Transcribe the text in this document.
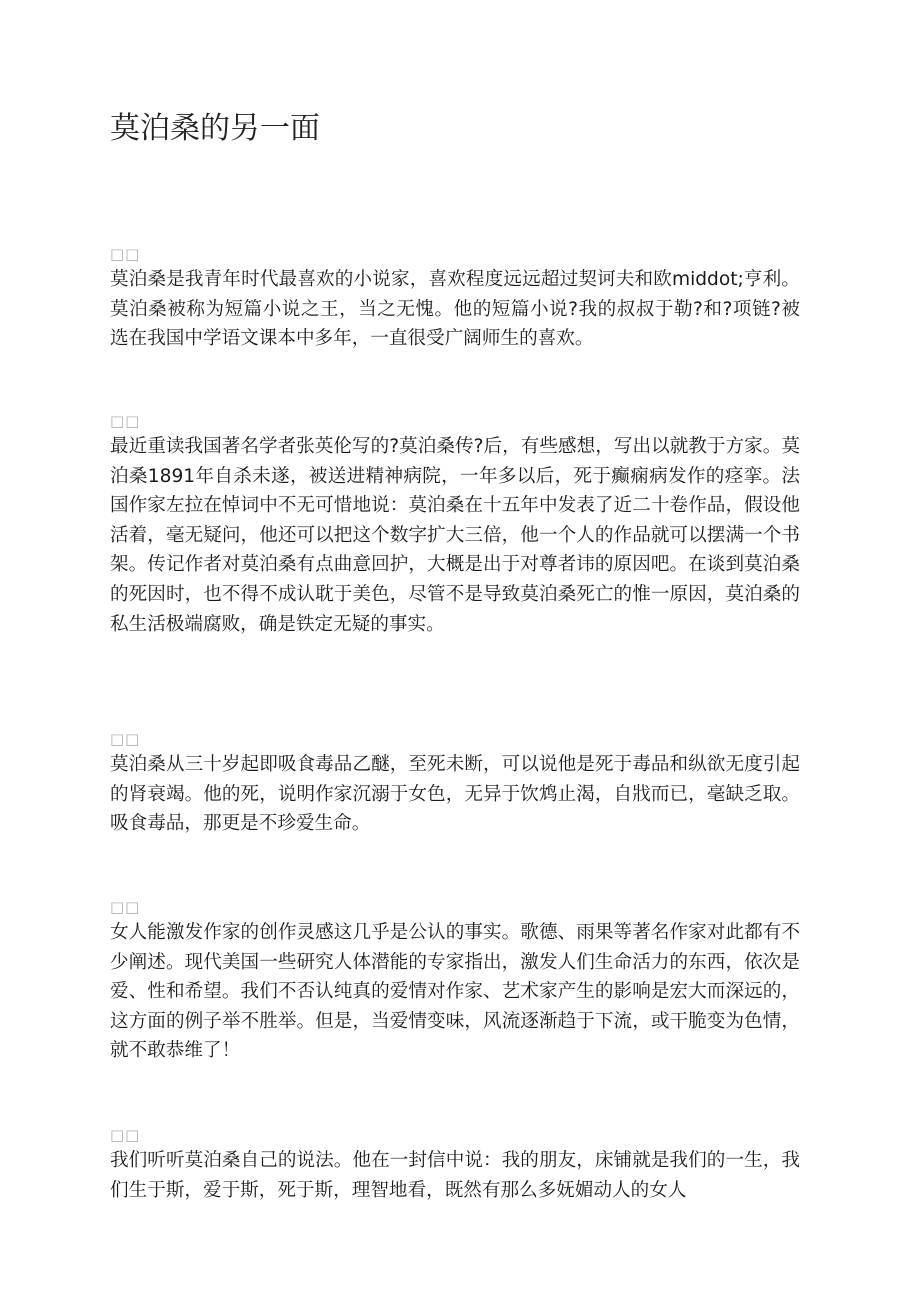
莫泊桑的另一面
□□

莫泊桑是我青年时代最喜欢的小说家，喜欢程度远远超过契诃夫和欧middot;亨利。莫泊桑被称为短篇小说之王，当之无愧。他的短篇小说?我的叔叔于勒?和?项链?被选在我国中学语文课本中多年，一直很受广阔师生的喜欢。

□□

最近重读我国著名学者张英伦写的?莫泊桑传?后，有些感想，写出以就教于方家。莫泊桑1891年自杀未遂，被送进精神病院，一年多以后，死于癫痫病发作的痉挛。法国作家左拉在悼词中不无可惜地说：莫泊桑在十五年中发表了近二十卷作品，假设他活着，毫无疑问，他还可以把这个数字扩大三倍，他一个人的作品就可以摆满一个书架。传记作者对莫泊桑有点曲意回护，大概是出于对尊者讳的原因吧。在谈到莫泊桑的死因时，也不得不成认耽于美色，尽管不是导致莫泊桑死亡的惟一原因，莫泊桑的私生活极端腐败，确是铁定无疑的事实。

□□

莫泊桑从三十岁起即吸食毒品乙醚，至死未断，可以说他是死于毒品和纵欲无度引起的肾衰竭。他的死，说明作家沉溺于女色，无异于饮鸩止渴，自戕而已，毫缺乏取。吸食毒品，那更是不珍爱生命。

□□

女人能激发作家的创作灵感这几乎是公认的事实。歌德、雨果等著名作家对此都有不少阐述。现代美国一些研究人体潜能的专家指出，激发人们生命活力的东西，依次是爱、性和希望。我们不否认纯真的爱情对作家、艺术家产生的影响是宏大而深远的，这方面的例子举不胜举。但是，当爱情变味，风流逐渐趋于下流，或干脆变为色情，就不敢恭维了！

□□

我们听听莫泊桑自己的说法。他在一封信中说：我的朋友，床铺就是我们的一生，我们生于斯，爱于斯，死于斯，理智地看，既然有那么多妩媚动人的女人
